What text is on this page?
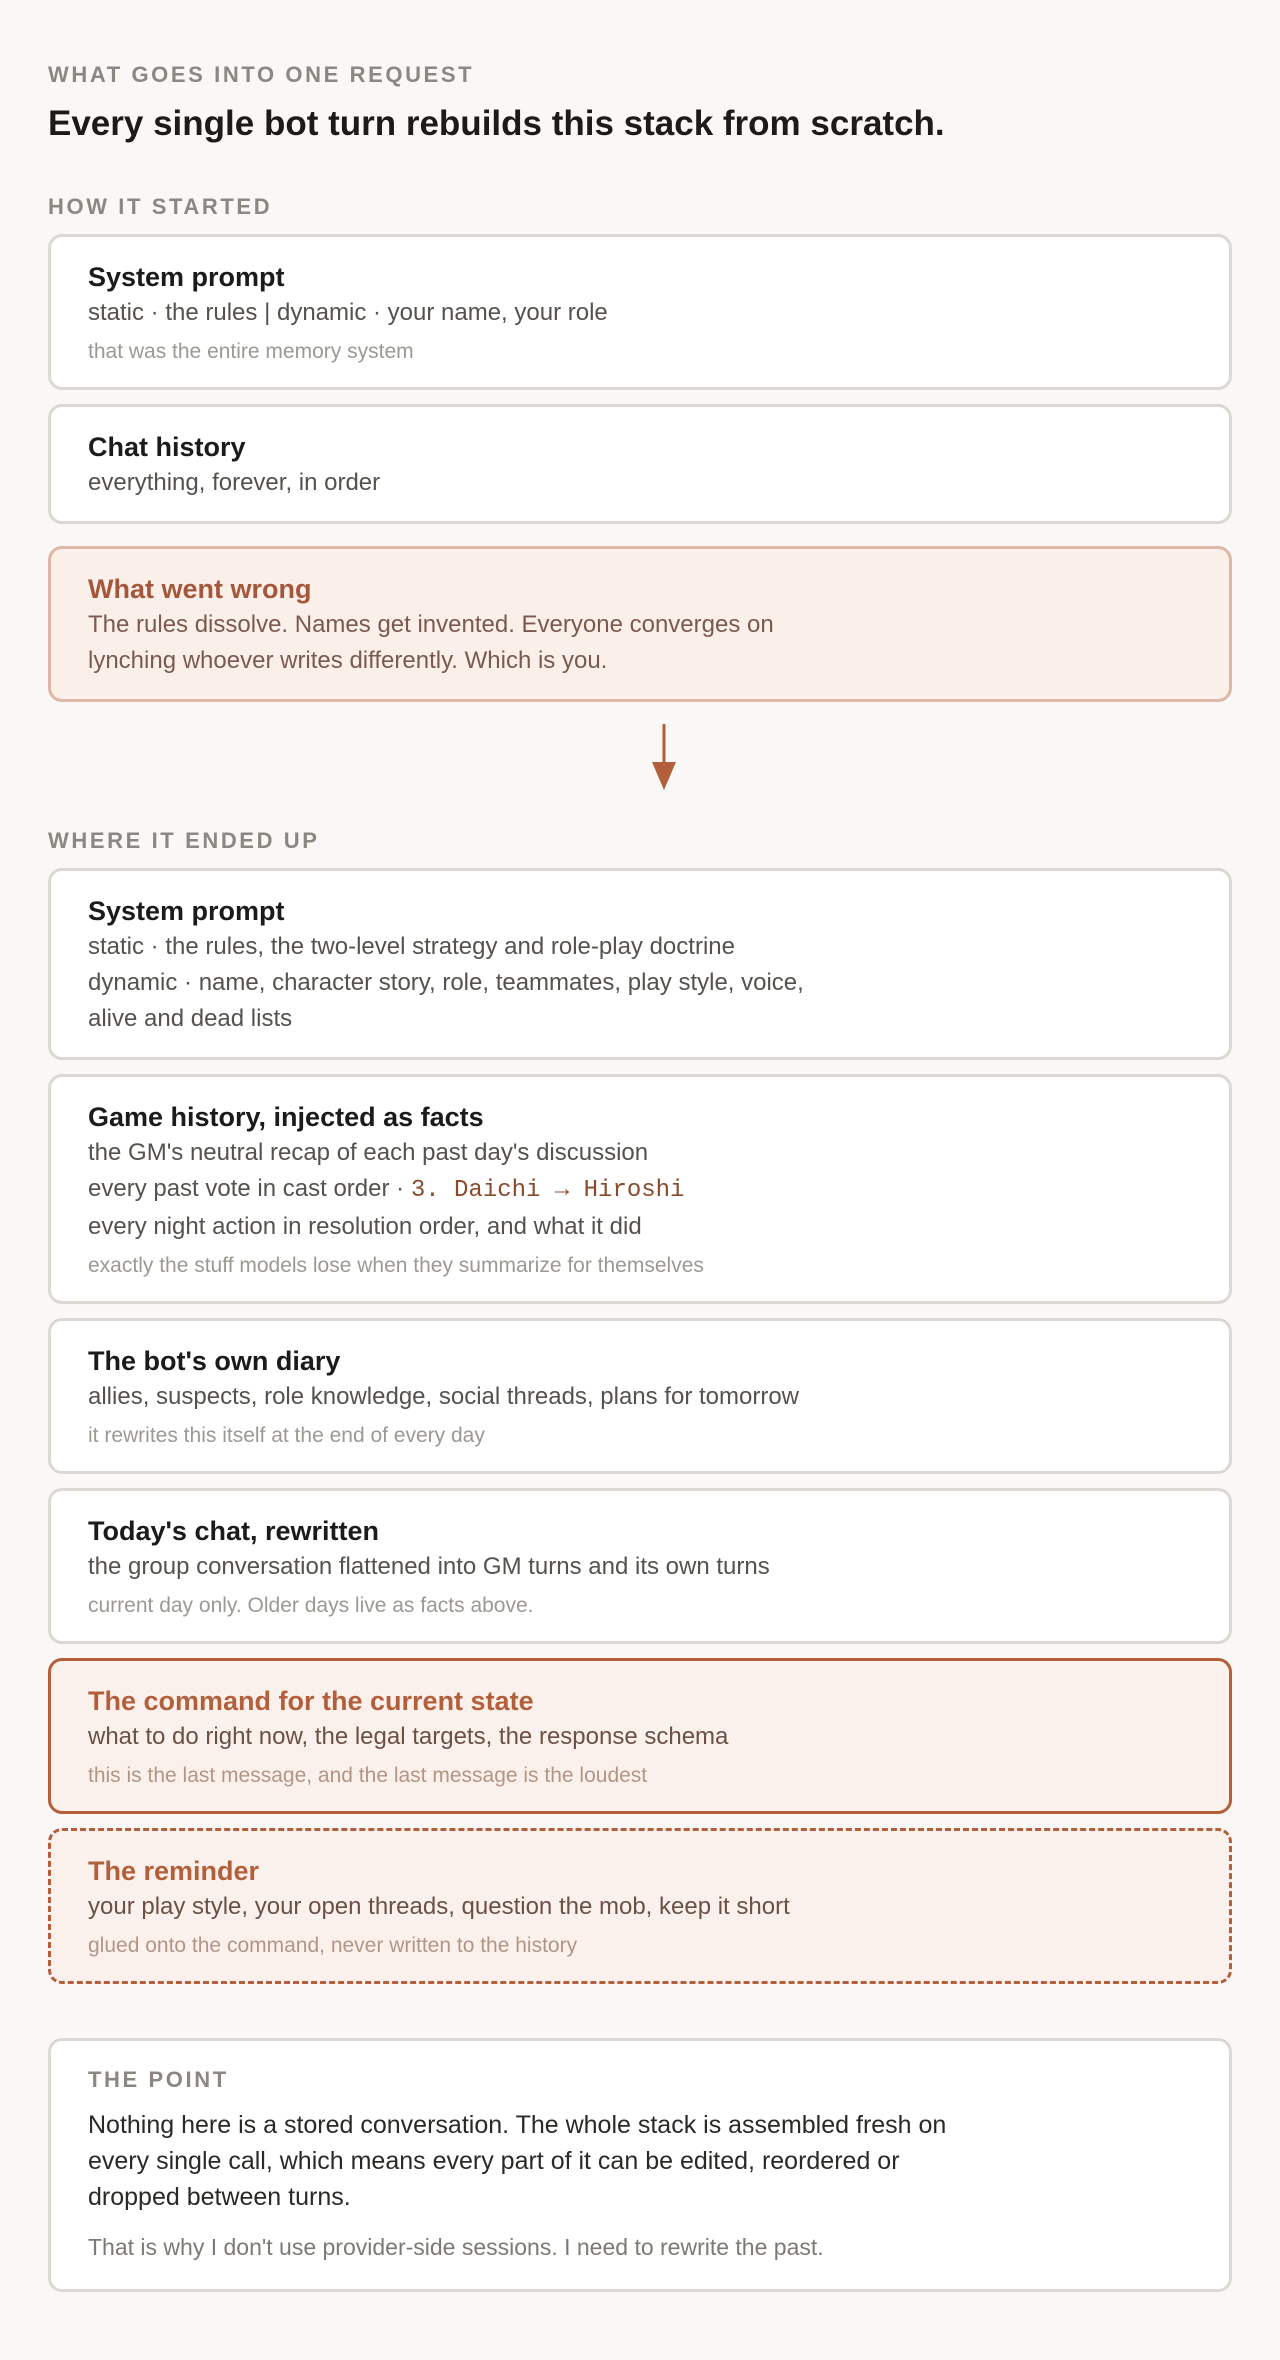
WHAT GOES INTO ONE REQUEST
Every single bot turn rebuilds this stack from scratch.
HOW IT STARTED
System prompt
static · the rules | dynamic · your name, your role
that was the entire memory system
Chat history
everything, forever, in order
What went wrong
The rules dissolve. Names get invented. Everyone converges on
lynching whoever writes differently. Which is you.
WHERE IT ENDED UP
System prompt
static · the rules, the two-level strategy and role-play doctrine
dynamic · name, character story, role, teammates, play style, voice,
alive and dead lists
Game history, injected as facts
the GM's neutral recap of each past day's discussion
every past vote in cast order · 3. Daichi → Hiroshi
every night action in resolution order, and what it did
exactly the stuff models lose when they summarize for themselves
The bot's own diary
allies, suspects, role knowledge, social threads, plans for tomorrow
it rewrites this itself at the end of every day
Today's chat, rewritten
the group conversation flattened into GM turns and its own turns
current day only. Older days live as facts above.
The command for the current state
what to do right now, the legal targets, the response schema
this is the last message, and the last message is the loudest
The reminder
your play style, your open threads, question the mob, keep it short
glued onto the command, never written to the history
THE POINT
Nothing here is a stored conversation. The whole stack is assembled fresh on every single call, which means every part of it can be edited, reordered or dropped between turns.
That is why I don't use provider-side sessions. I need to rewrite the past.
